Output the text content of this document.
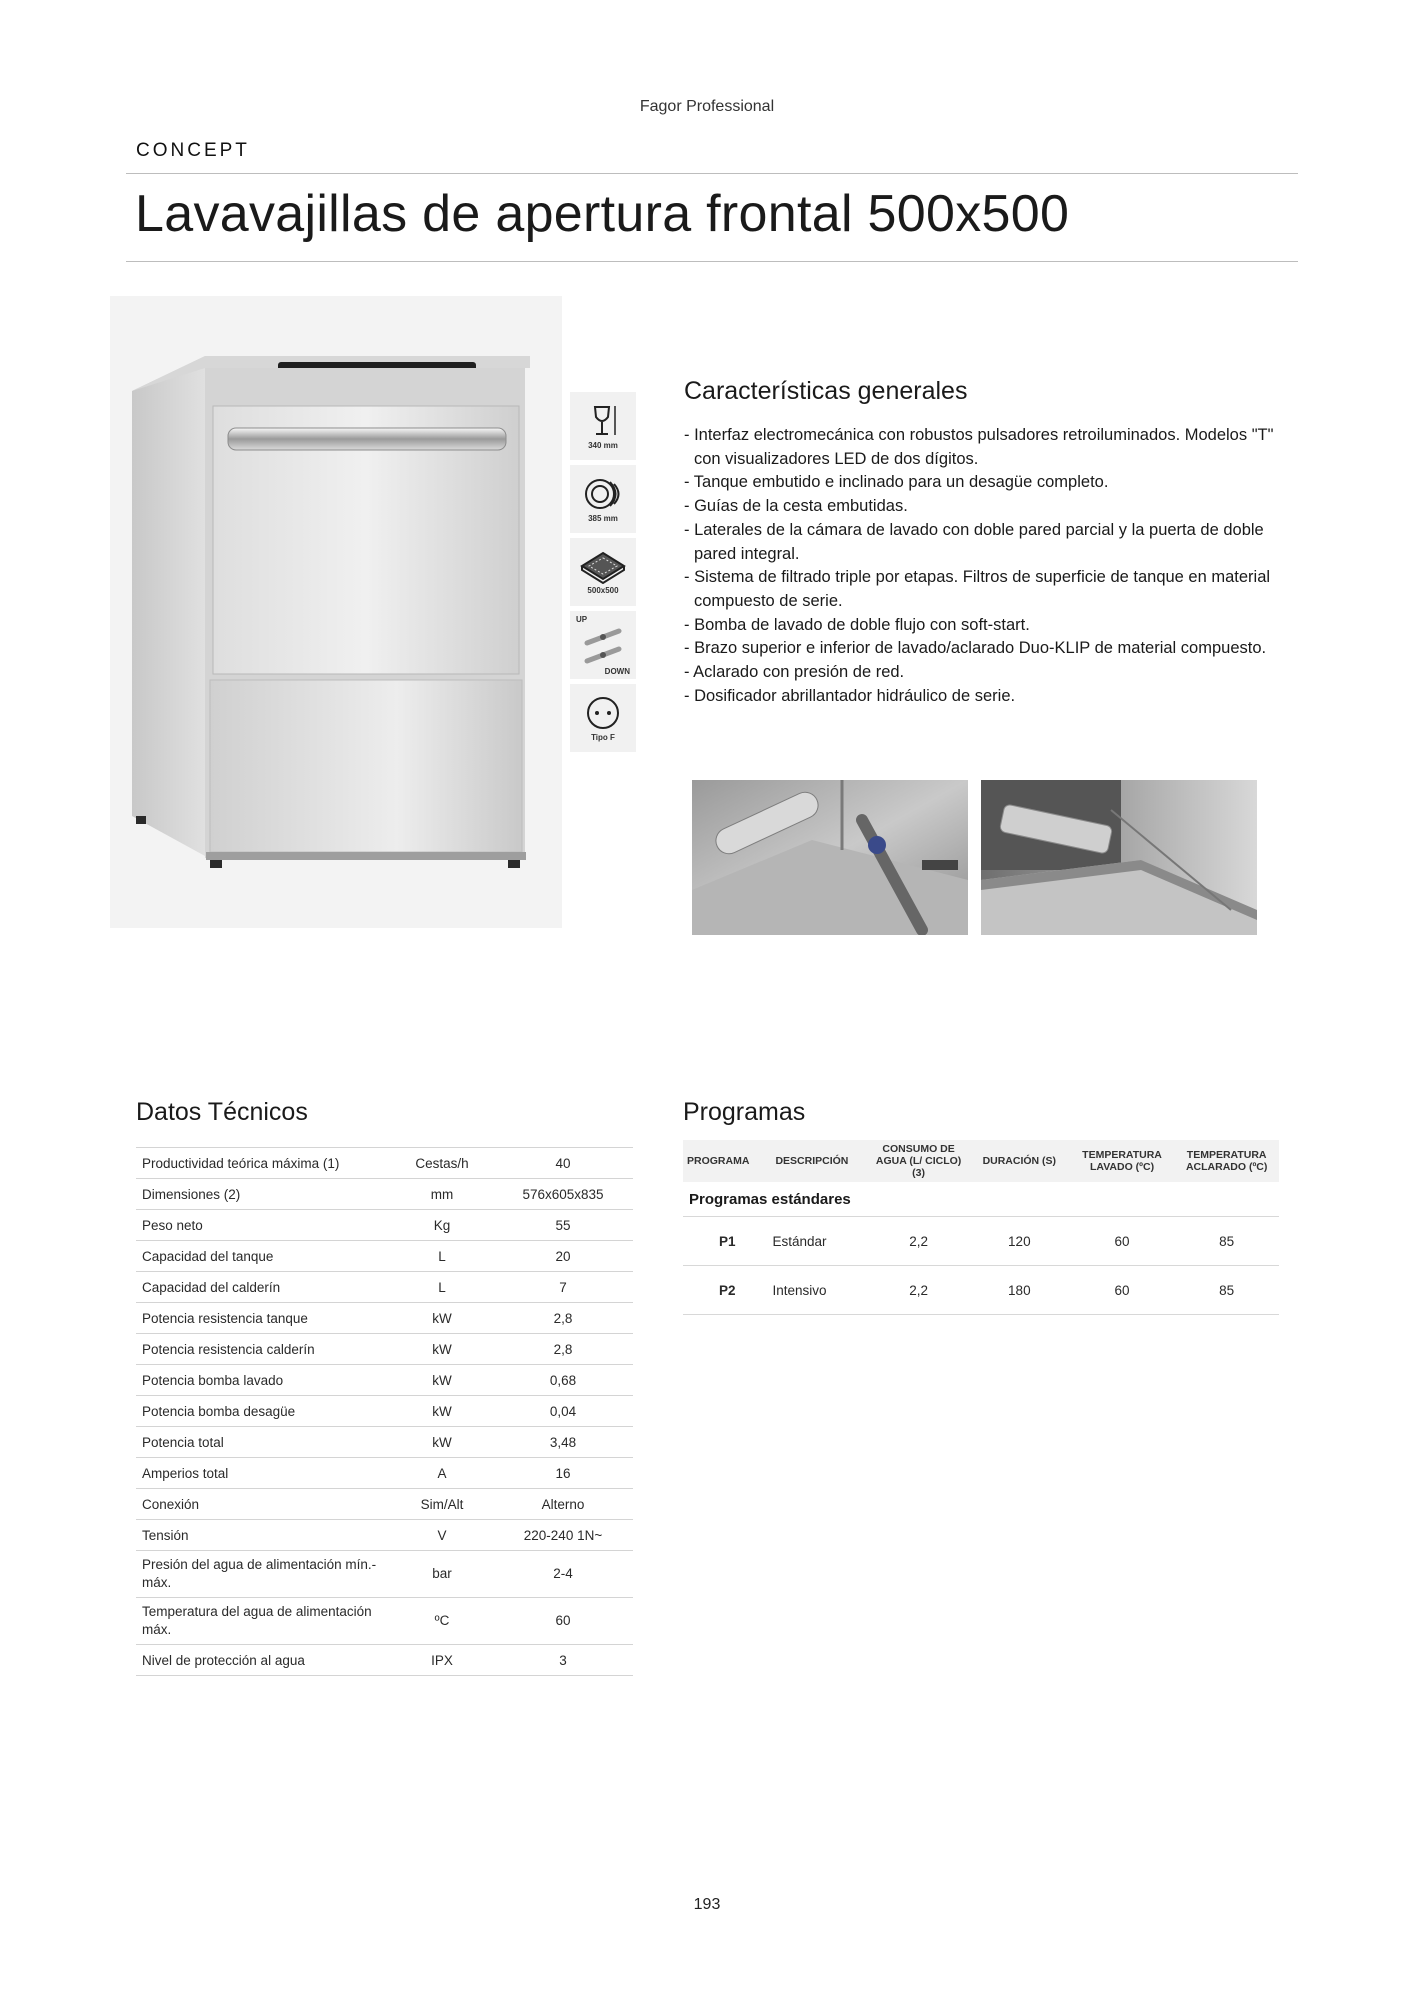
Fagor Professional
CONCEPT
Lavavajillas de apertura frontal 500x500
340 mm
385 mm
500x500
UP
DOWN
Tipo F
Características generales
- Interfaz electromecánica con robustos pulsadores retroiluminados. Modelos "T" con visualizadores LED de dos dígitos.
- Tanque embutido e inclinado para un desagüe completo.
- Guías de la cesta embutidas.
- Laterales de la cámara de lavado con doble pared parcial y la puerta de doble pared integral.
- Sistema de filtrado triple por etapas. Filtros de superficie de tanque en material compuesto de serie.
- Bomba de lavado de doble flujo con soft-start.
- Brazo superior e inferior de lavado/aclarado Duo-KLIP de material compuesto.
- Aclarado con presión de red.
- Dosificador abrillantador hidráulico de serie.
Datos Técnicos
Productividad teórica máxima (1)	Cestas/h	40
Dimensiones (2)	mm	576x605x835
Peso neto	Kg	55
Capacidad del tanque	L	20
Capacidad del calderín	L	7
Potencia resistencia tanque	kW	2,8
Potencia resistencia calderín	kW	2,8
Potencia bomba lavado	kW	0,68
Potencia bomba desagüe	kW	0,04
Potencia total	kW	3,48
Amperios total	A	16
Conexión	Sim/Alt	Alterno
Tensión	V	220-240 1N~
Presión del agua de alimentación mín.-máx.	bar	2-4
Temperatura del agua de alimentación máx.	ºC	60
Nivel de protección al agua	IPX	3
Programas
PROGRAMA	DESCRIPCIÓN	CONSUMO DE AGUA (L/ CICLO) (3)	DURACIÓN (S)	TEMPERATURA LAVADO (ºC)	TEMPERATURA ACLARADO (ºC)
Programas estándares					
P1	Estándar	2,2	120	60	85
P2	Intensivo	2,2	180	60	85
193
